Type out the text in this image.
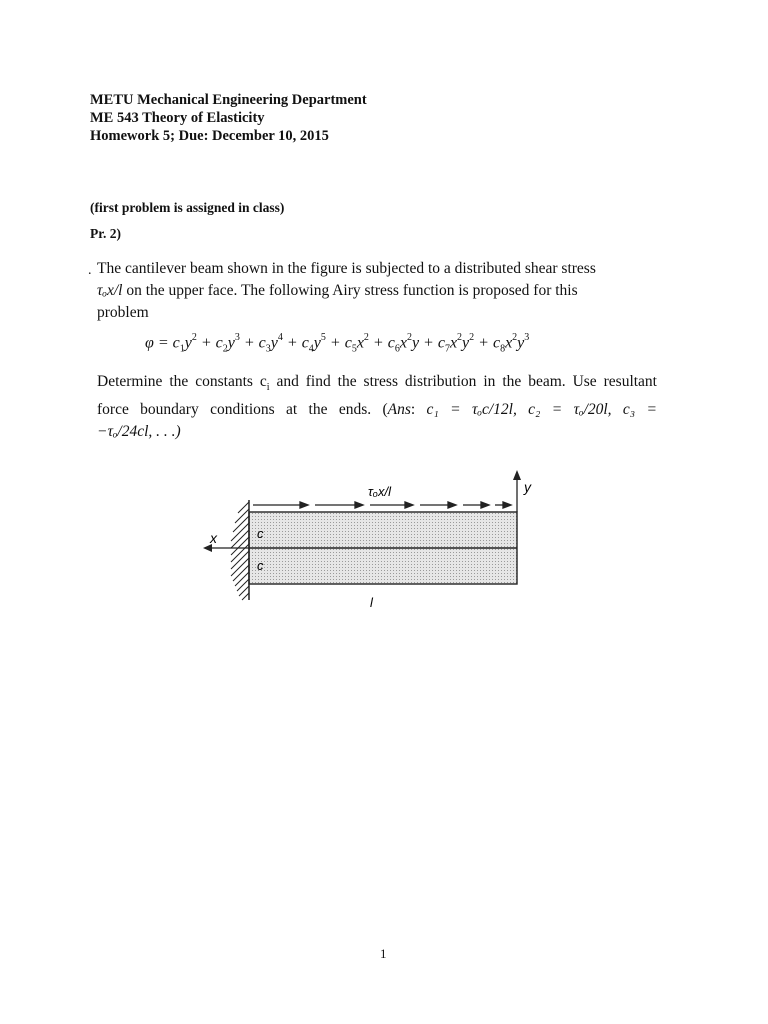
METU Mechanical Engineering Department
ME 543 Theory of Elasticity
Homework 5; Due: December 10, 2015
(first problem is assigned in class)
Pr. 2)
. The cantilever beam shown in the figure is subjected to a distributed shear stress
τₒx/l on the upper face. The following Airy stress function is proposed for this
problem
$\varphi = c_1y^2 + c_2y^3 + c_3y^4 + c_4y^5 + c_5x^2 + c_6x^2y + c_7x^2y^2 + c_8x^2y^3$
Determine the constants $c_i$ and find the stress distribution in the beam. Use resultant
force boundary conditions at the ends. (Ans: c₁ = τₒc/12l, c₂ = τₒ/20l, c₃ =
−τₒ/24cl, . . .)
τₒx/l	y
x	c
c
l
1
